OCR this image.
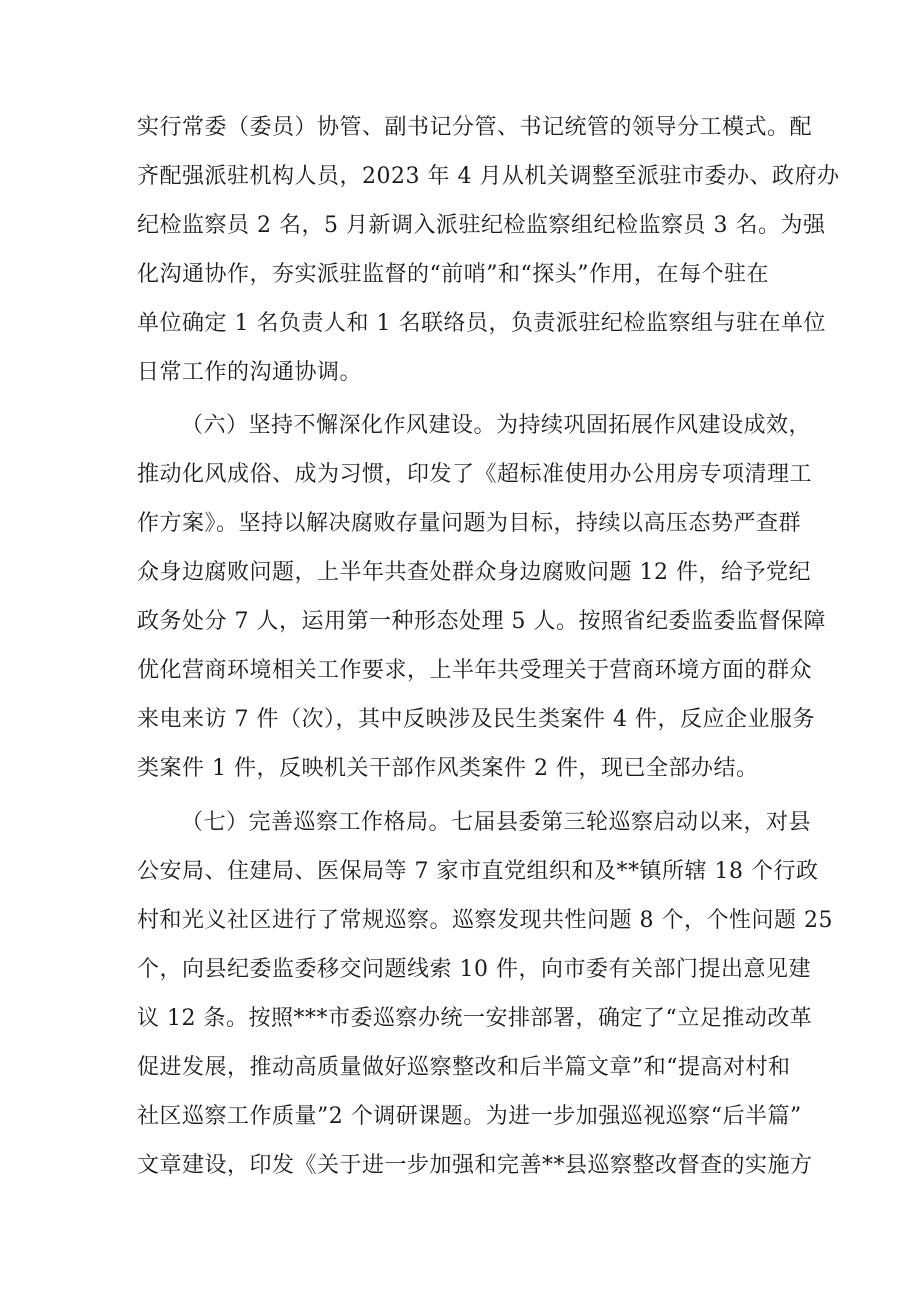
实行常委（委员）协管、副书记分管、书记统管的领导分工模式。配
齐配强派驻机构人员，2023 年 4 月从机关调整至派驻市委办、政府办
纪检监察员 2 名，5 月新调入派驻纪检监察组纪检监察员 3 名。为强
化沟通协作，夯实派驻监督的“前哨”和“探头”作用，在每个驻在
单位确定 1 名负责人和 1 名联络员，负责派驻纪检监察组与驻在单位
日常工作的沟通协调。
（六）坚持不懈深化作风建设。为持续巩固拓展作风建设成效，
推动化风成俗、成为习惯，印发了《超标准使用办公用房专项清理工
作方案》。坚持以解决腐败存量问题为目标，持续以高压态势严查群
众身边腐败问题，上半年共查处群众身边腐败问题 12 件，给予党纪
政务处分 7 人，运用第一种形态处理 5 人。按照省纪委监委监督保障
优化营商环境相关工作要求，上半年共受理关于营商环境方面的群众
来电来访 7 件（次），其中反映涉及民生类案件 4 件，反应企业服务
类案件 1 件，反映机关干部作风类案件 2 件，现已全部办结。
（七）完善巡察工作格局。七届县委第三轮巡察启动以来，对县
公安局、住建局、医保局等 7 家市直党组织和及**镇所辖 18 个行政
村和光义社区进行了常规巡察。巡察发现共性问题 8 个，个性问题 25
个，向县纪委监委移交问题线索 10 件，向市委有关部门提出意见建
议 12 条。按照***市委巡察办统一安排部署，确定了“立足推动改革
促进发展，推动高质量做好巡察整改和后半篇文章”和“提高对村和
社区巡察工作质量”2 个调研课题。为进一步加强巡视巡察“后半篇”
文章建设，印发《关于进一步加强和完善**县巡察整改督查的实施方
